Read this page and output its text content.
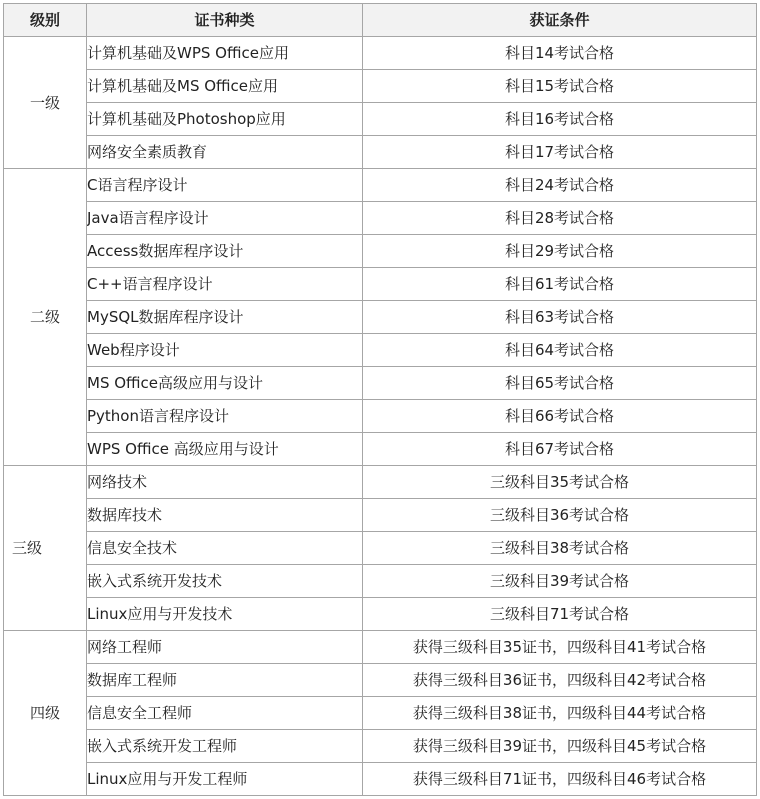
级别	证书种类	获证条件
一级	计算机基础及WPS Office应用	科目14考试合格
	计算机基础及MS Office应用	科目15考试合格
	计算机基础及Photoshop应用	科目16考试合格
	网络安全素质教育	科目17考试合格
二级	C语言程序设计	科目24考试合格
	Java语言程序设计	科目28考试合格
	Access数据库程序设计	科目29考试合格
	C++语言程序设计	科目61考试合格
	MySQL数据库程序设计	科目63考试合格
	Web程序设计	科目64考试合格
	MS Office高级应用与设计	科目65考试合格
	Python语言程序设计	科目66考试合格
	WPS Office 高级应用与设计	科目67考试合格
三级	网络技术	三级科目35考试合格
	数据库技术	三级科目36考试合格
	信息安全技术	三级科目38考试合格
	嵌入式系统开发技术	三级科目39考试合格
	Linux应用与开发技术	三级科目71考试合格
四级	网络工程师	获得三级科目35证书，四级科目41考试合格
	数据库工程师	获得三级科目36证书，四级科目42考试合格
	信息安全工程师	获得三级科目38证书，四级科目44考试合格
	嵌入式系统开发工程师	获得三级科目39证书，四级科目45考试合格
	Linux应用与开发工程师	获得三级科目71证书，四级科目46考试合格
